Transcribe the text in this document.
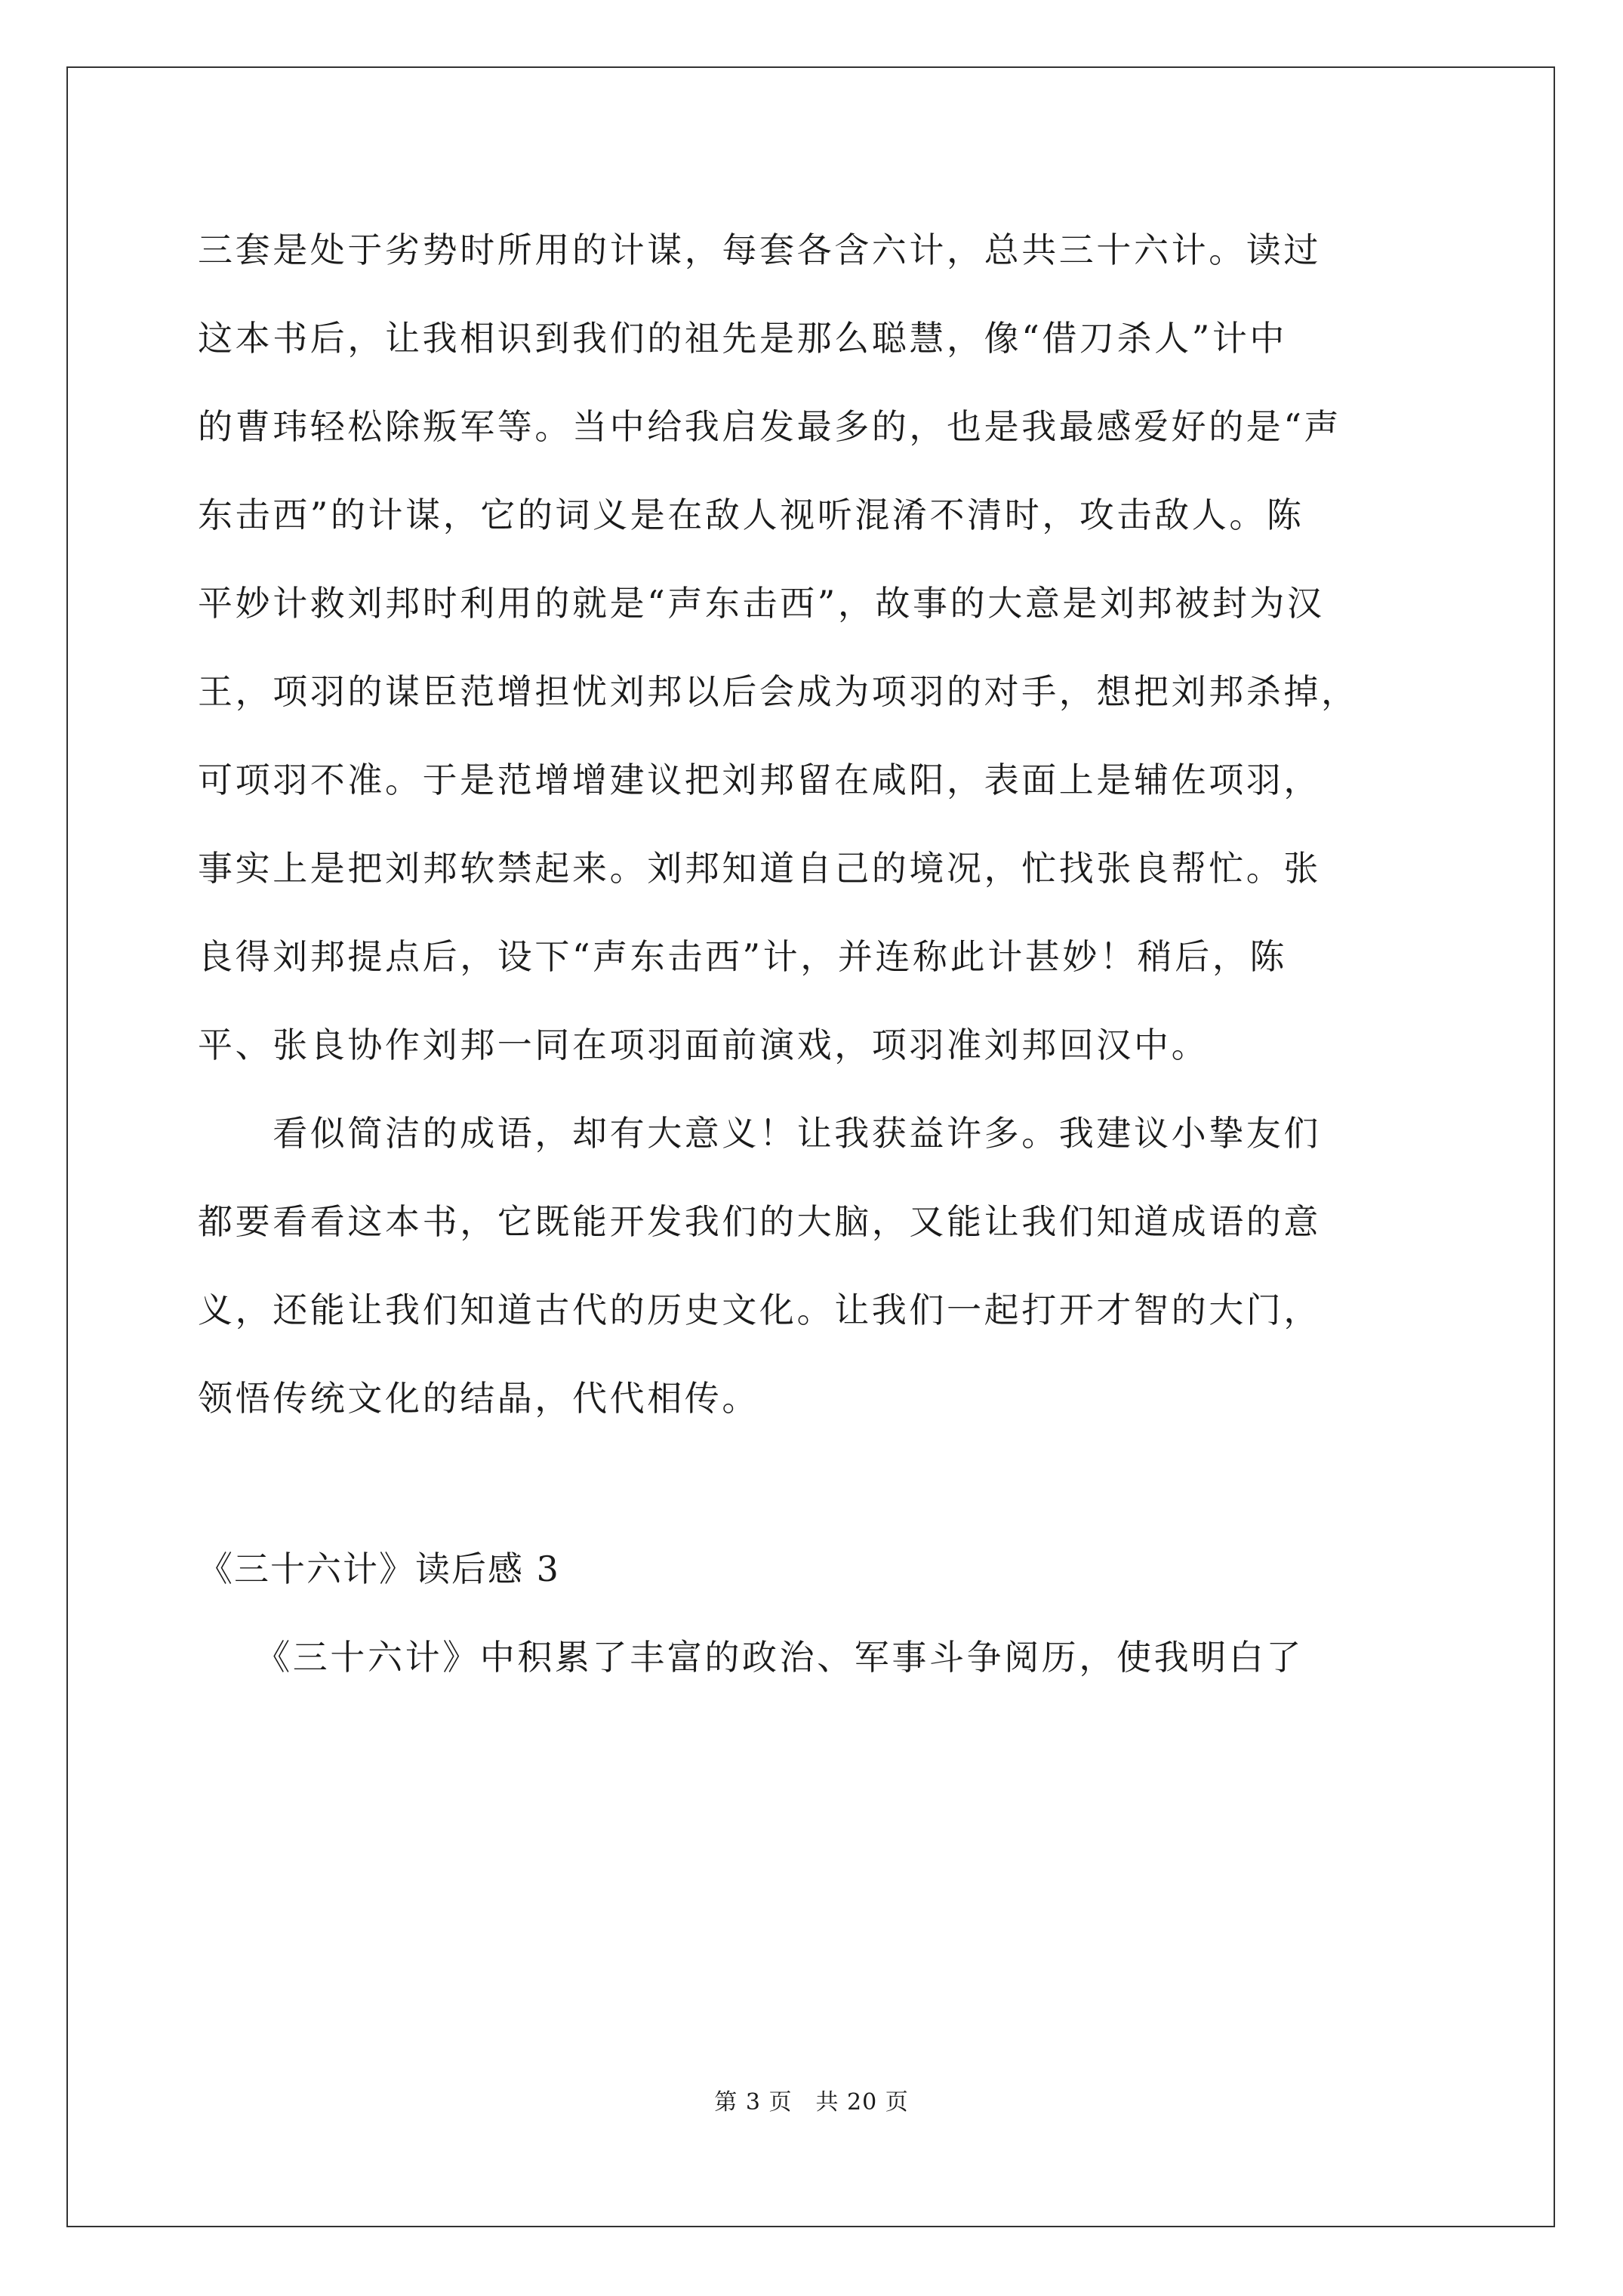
三套是处于劣势时所用的计谋，每套各含六计，总共三十六计。读过
这本书后，让我相识到我们的祖先是那么聪慧，像“借刀杀人”计中
的曹玮轻松除叛军等。当中给我启发最多的，也是我最感爱好的是“声
东击西”的计谋，它的词义是在敌人视听混淆不清时，攻击敌人。陈
平妙计救刘邦时利用的就是“声东击西”，故事的大意是刘邦被封为汉
王，项羽的谋臣范增担忧刘邦以后会成为项羽的对手，想把刘邦杀掉，
可项羽不准。于是范增增建议把刘邦留在咸阳，表面上是辅佐项羽，
事实上是把刘邦软禁起来。刘邦知道自己的境况，忙找张良帮忙。张
良得刘邦提点后，设下“声东击西”计，并连称此计甚妙！稍后，陈
平、张良协作刘邦一同在项羽面前演戏，项羽准刘邦回汉中。
　　看似简洁的成语，却有大意义！让我获益许多。我建议小挚友们
都要看看这本书，它既能开发我们的大脑，又能让我们知道成语的意
义，还能让我们知道古代的历史文化。让我们一起打开才智的大门，
领悟传统文化的结晶，代代相传。
《三十六计》读后感 3
　　《三十六计》中积累了丰富的政治、军事斗争阅历，使我明白了
第 3 页　共 20 页
